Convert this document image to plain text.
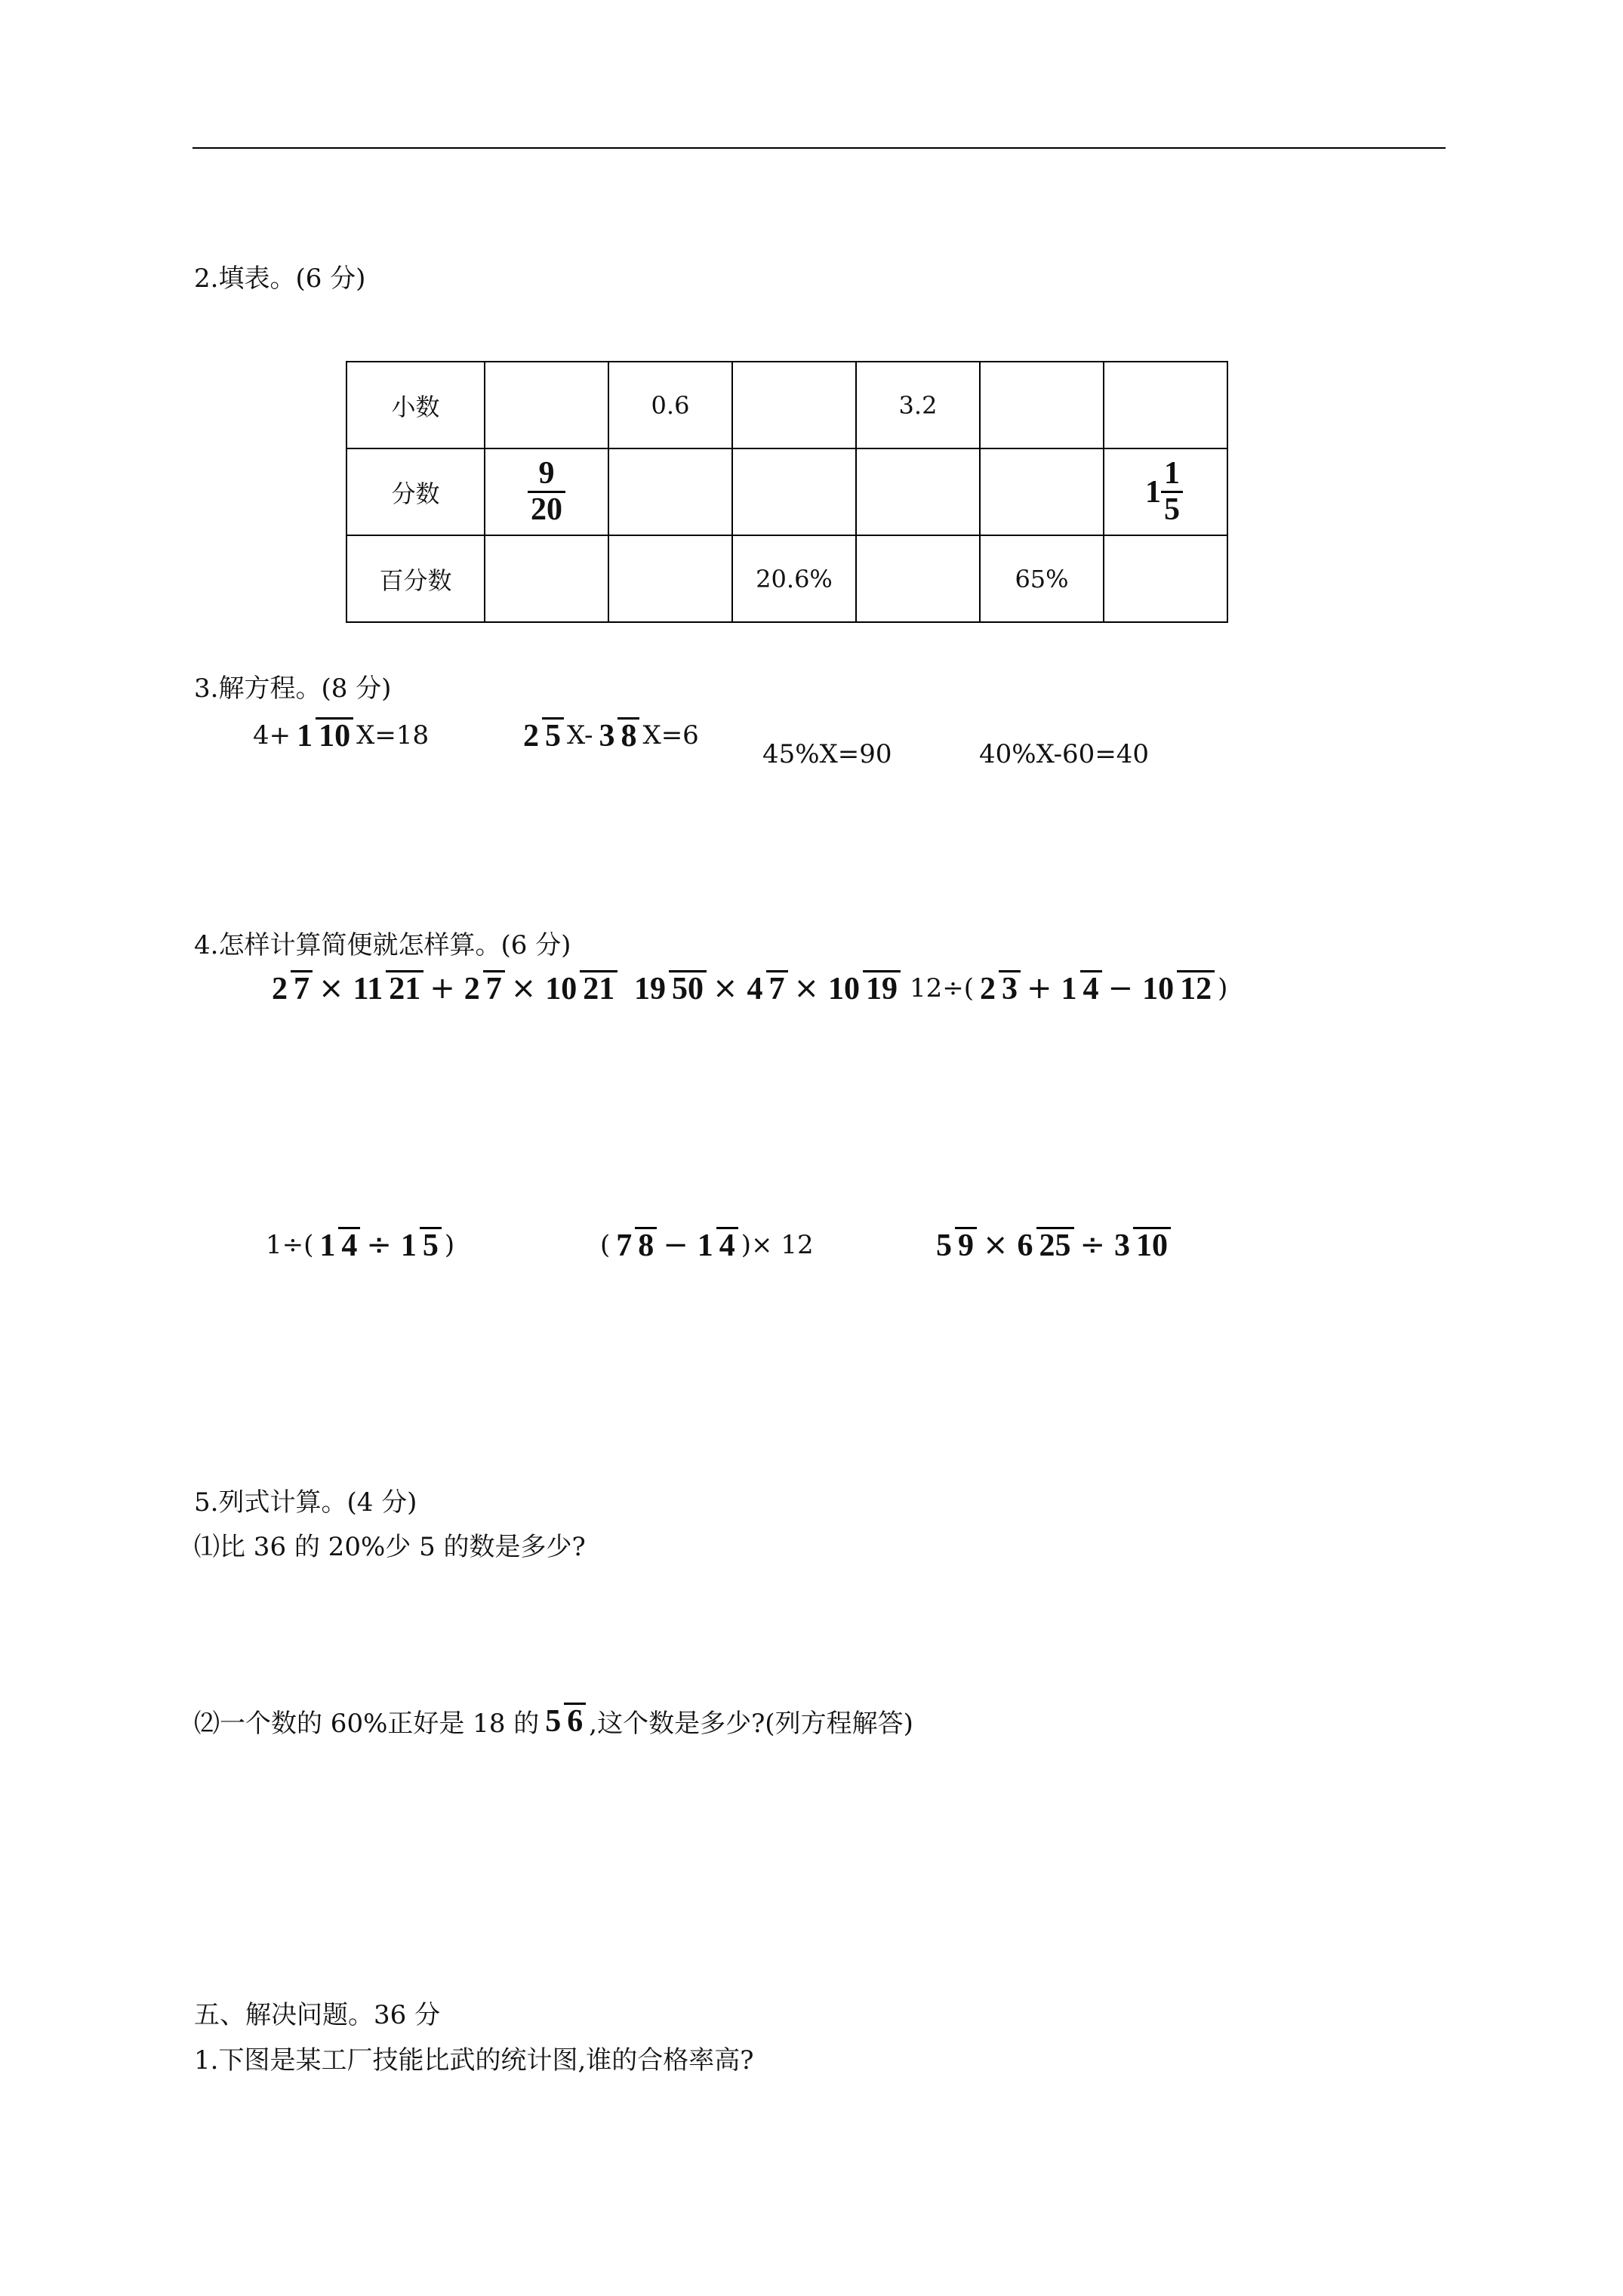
2.填表。(6 分)
小数		0.6		3.2		
分数	$\frac{9}{20}$					$1 \frac{1}{5}$

百分数			20.6%		65%	
3.解方程。(8 分)
4+ 1 10 X=18	2 5 X- 3 8 X=6
45%X=90	40%X-60=40
4.怎样计算简便就怎样算。(6 分)
2 7 × 11 21 + 2 7 × 10 21 19 50 × 4 7 × 10 19 12÷( 2 3 + 1 4 − 10 12 )
1÷( 1 4 ÷ 1 5 )	( 7 8 − 1 4 )× 12	5 9 × 6 25 ÷ 3 10
5.列式计算。(4 分)
⑴比 36 的 20%少 5 的数是多少?
⑵一个数的 60%正好是 18 的 5 6 ,这个数是多少?(列方程解答)
五、解决问题。36 分
1.下图是某工厂技能比武的统计图,谁的合格率高?
